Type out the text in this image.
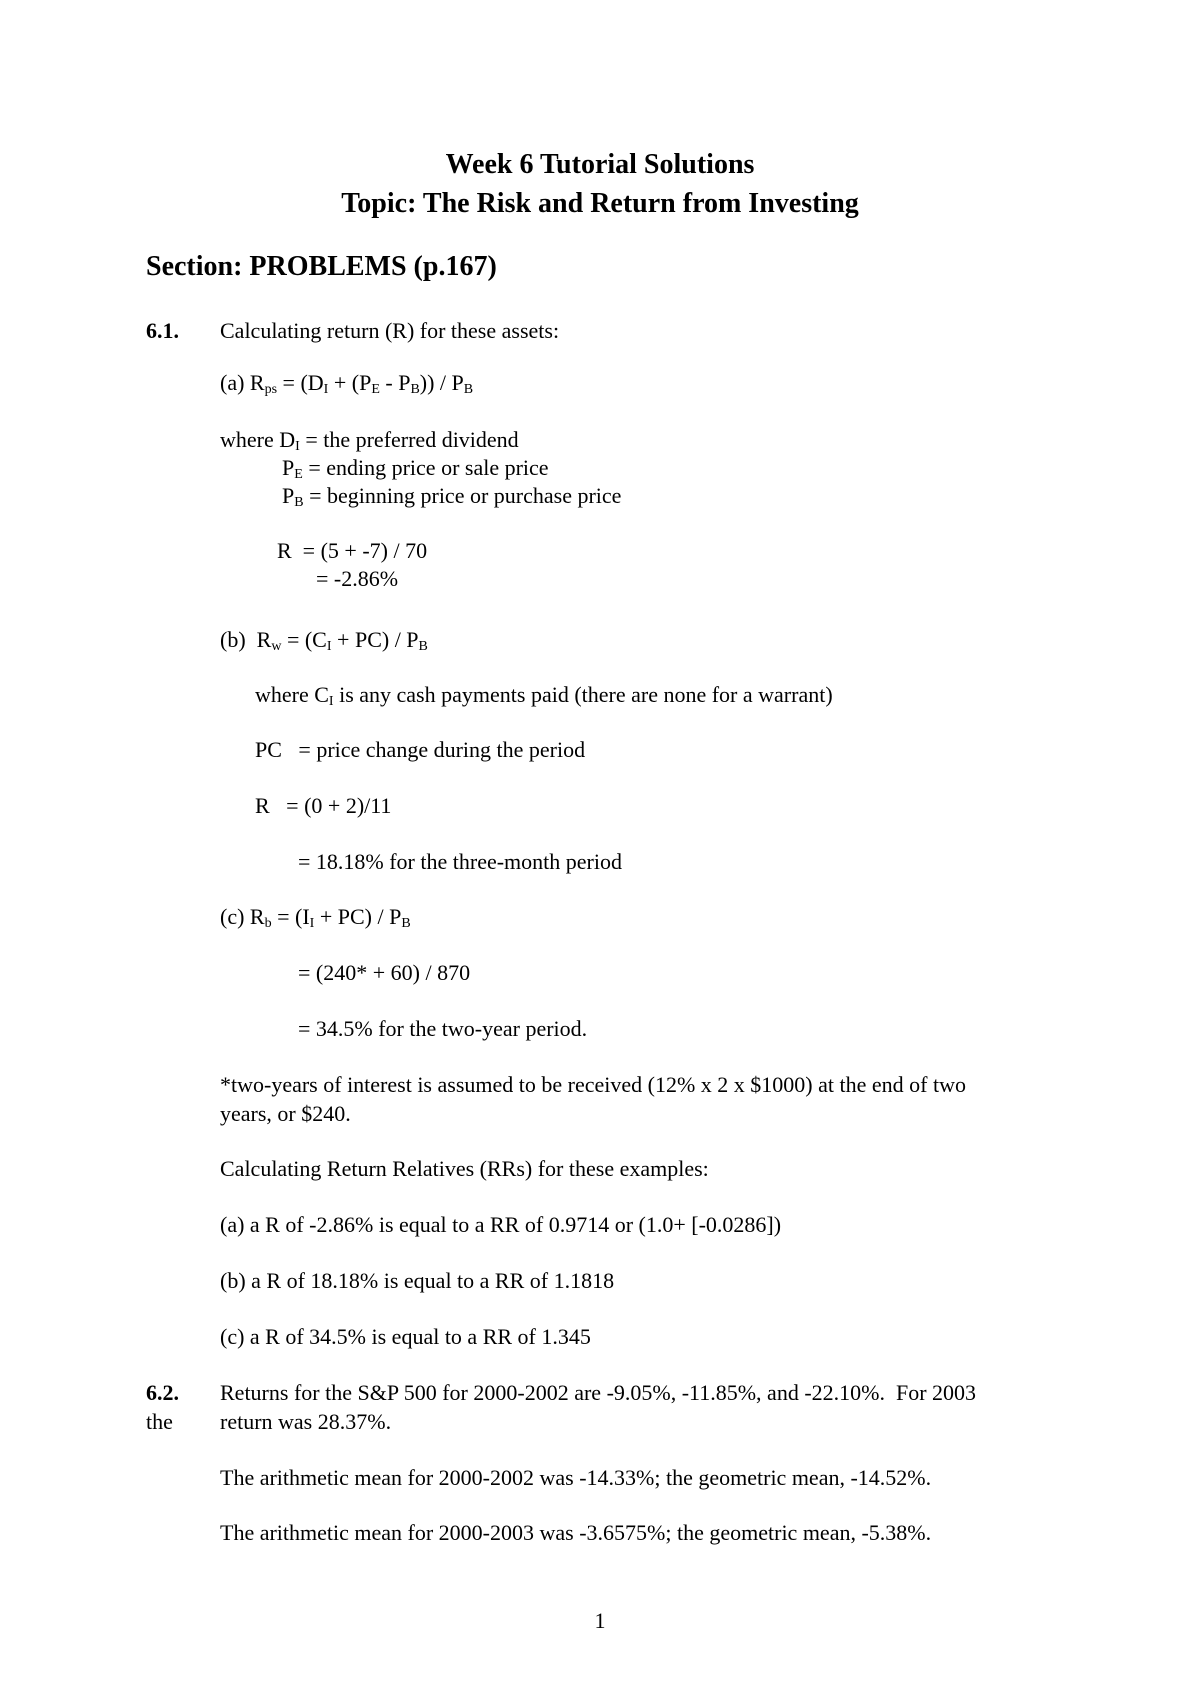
Week 6 Tutorial Solutions
Topic: The Risk and Return from Investing
Section: PROBLEMS (p.167)
6.1. Calculating return (R) for these assets:
(a) $R_{ps} = (D_I + (P_E - P_B)) / P_B$
where $D_I$ = the preferred dividend
$P_E$ = ending price or sale price
$P_B$ = beginning price or purchase price
R  = (5 + -7) / 70
= -2.86%
(b)  $R_w = (C_I + PC) / P_B$
where $C_I$ is any cash payments paid (there are none for a warrant)
PC   = price change during the period
R   = (0 + 2)/11
= 18.18% for the three-month period
(c) $R_b = (I_I + PC) / P_B$
= (240* + 60) / 870
= 34.5% for the two-year period.
*two-years of interest is assumed to be received (12% x 2 x $1000) at the end of two
years, or $240.
Calculating Return Relatives (RRs) for these examples:
(a) a R of -2.86% is equal to a RR of 0.9714 or (1.0+ [-0.0286])
(b) a R of 18.18% is equal to a RR of 1.1818
(c) a R of 34.5% is equal to a RR of 1.345
6.2.
the
Returns for the S&P 500 for 2000-2002 are -9.05%, -11.85%, and -22.10%.  For 2003
return was 28.37%.
The arithmetic mean for 2000-2002 was -14.33%; the geometric mean, -14.52%.
The arithmetic mean for 2000-2003 was -3.6575%; the geometric mean, -5.38%.
1
